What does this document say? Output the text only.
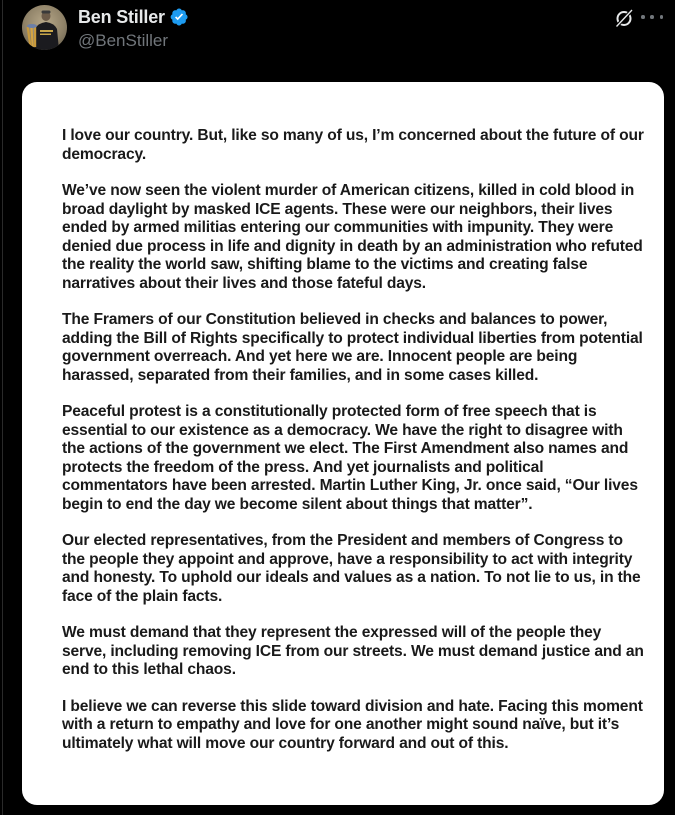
Ben Stiller
@BenStiller

I love our country. But, like so many of us, I’m concerned about the future of our democracy.

We’ve now seen the violent murder of American citizens, killed in cold blood in broad daylight by masked ICE agents. These were our neighbors, their lives ended by armed militias entering our communities with impunity. They were denied due process in life and dignity in death by an administration who refuted the reality the world saw, shifting blame to the victims and creating false narratives about their lives and those fateful days.

The Framers of our Constitution believed in checks and balances to power, adding the Bill of Rights specifically to protect individual liberties from potential government overreach. And yet here we are. Innocent people are being harassed, separated from their families, and in some cases killed.

Peaceful protest is a constitutionally protected form of free speech that is essential to our existence as a democracy. We have the right to disagree with the actions of the government we elect. The First Amendment also names and protects the freedom of the press. And yet journalists and political commentators have been arrested. Martin Luther King, Jr. once said, “Our lives begin to end the day we become silent about things that matter”.

Our elected representatives, from the President and members of Congress to the people they appoint and approve, have a responsibility to act with integrity and honesty. To uphold our ideals and values as a nation. To not lie to us, in the face of the plain facts.

We must demand that they represent the expressed will of the people they serve, including removing ICE from our streets. We must demand justice and an end to this lethal chaos.

I believe we can reverse this slide toward division and hate. Facing this moment with a return to empathy and love for one another might sound naïve, but it’s ultimately what will move our country forward and out of this.
